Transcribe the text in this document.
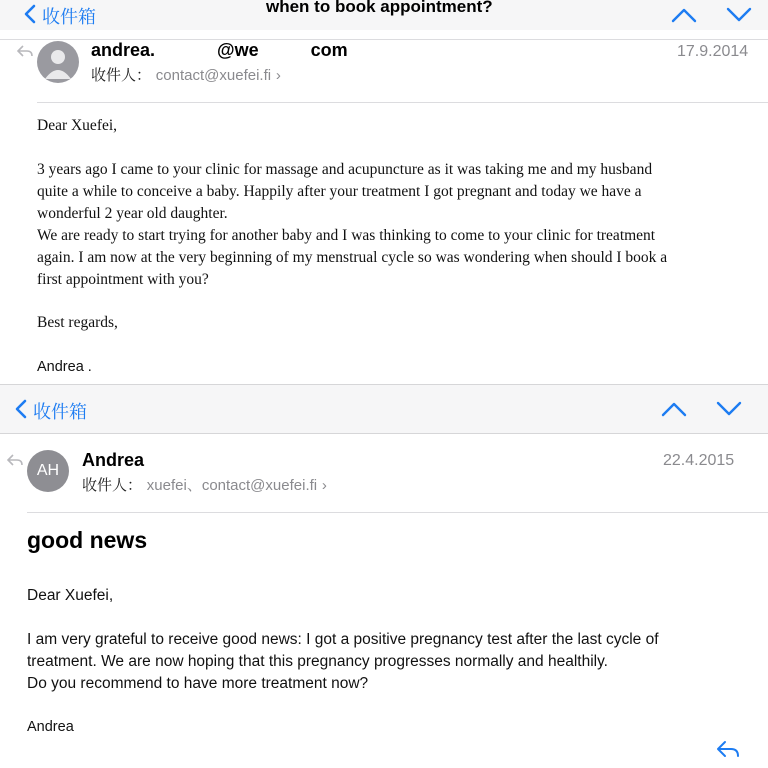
收件箱
when to book appointment?
andrea.	@we	com	17.9.2014
收件人： contact@xuefei.fi ›
Dear Xuefei,
3 years ago I came to your clinic for massage and acupuncture as it was taking me and my husband
quite a while to conceive a baby. Happily after your treatment I got pregnant and today we have a
wonderful 2 year old daughter.
We are ready to start trying for another baby and I was thinking to come to your clinic for treatment
again. I am now at the very beginning of my menstrual cycle so was wondering when should I book a
first appointment with you?
Best regards,
Andrea .
收件箱
AH
Andrea	22.4.2015
收件人： xuefei、contact@xuefei.fi ›
good news
Dear Xuefei,
I am very grateful to receive good news: I got a positive pregnancy test after the last cycle of
treatment. We are now hoping that this pregnancy progresses normally and healthily.
Do you recommend to have more treatment now?
Andrea
